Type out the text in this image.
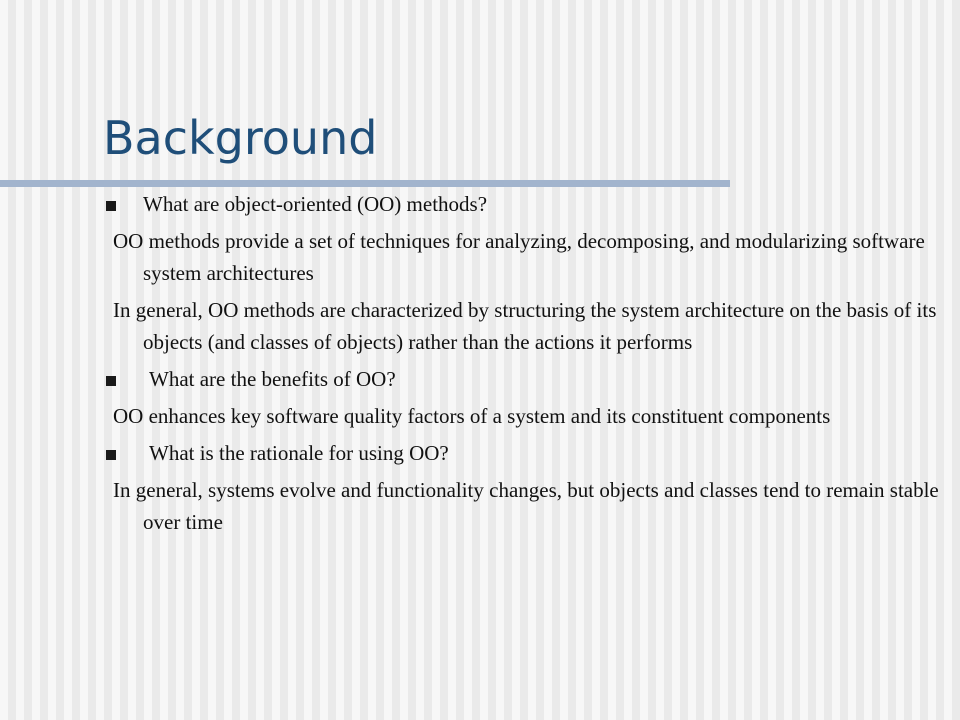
Background

What are object-oriented (OO) methods?

OO methods provide a set of techniques for analyzing, decomposing, and modularizing software system architectures

In general, OO methods are characterized by structuring the system architecture on the basis of its objects (and classes of objects) rather than the actions it performs

What are the benefits of OO?

OO enhances key software quality factors of a system and its constituent components

What is the rationale for using OO?

In general, systems evolve and functionality changes, but objects and classes tend to remain stable over time
